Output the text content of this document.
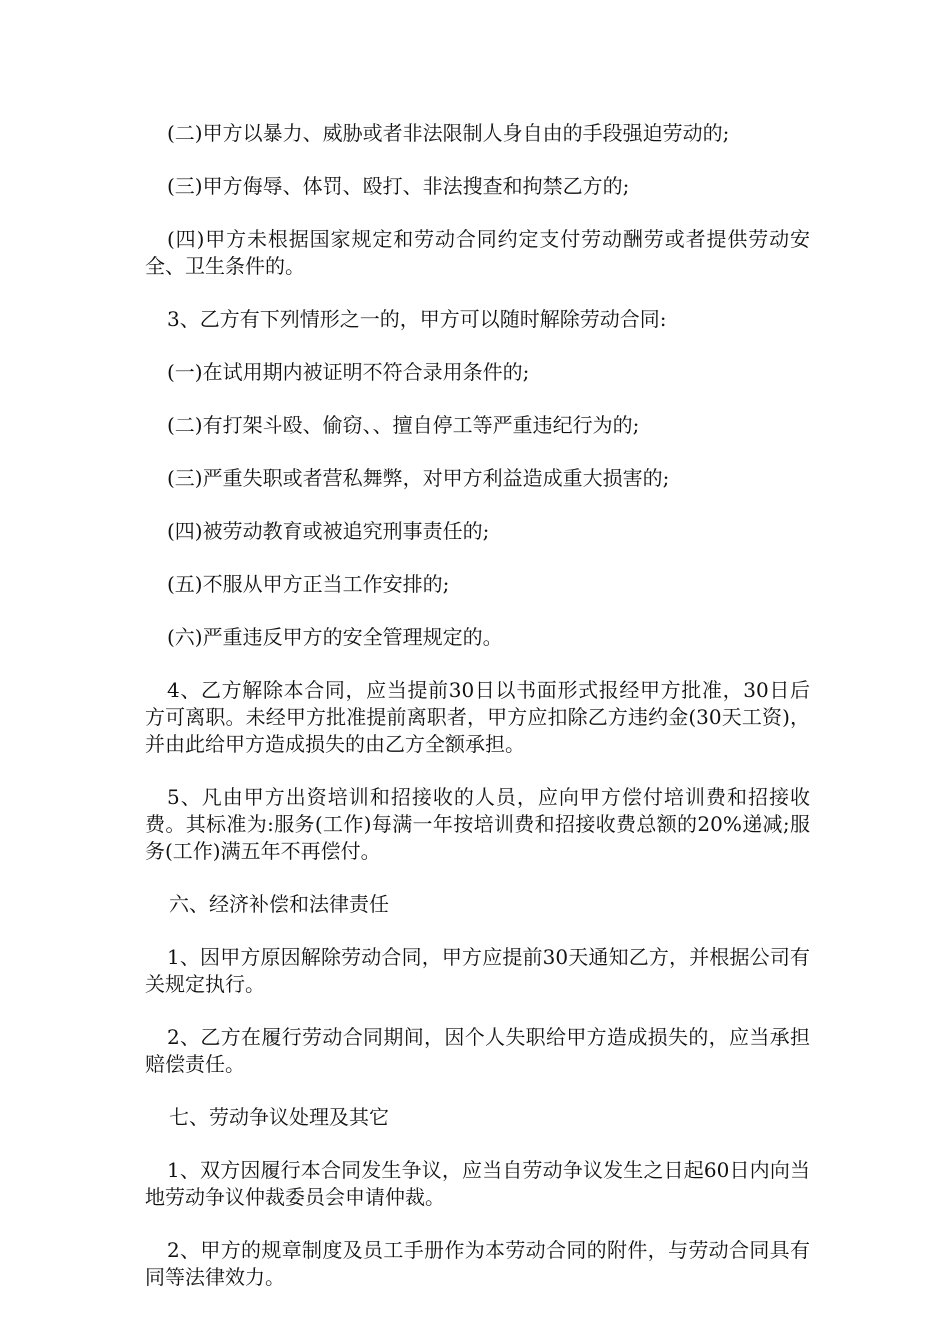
(二)甲方以暴力、威胁或者非法限制人身自由的手段强迫劳动的;

(三)甲方侮辱、体罚、殴打、非法搜查和拘禁乙方的;

(四)甲方未根据国家规定和劳动合同约定支付劳动酬劳或者提供劳动安全、卫生条件的。

3、乙方有下列情形之一的，甲方可以随时解除劳动合同:

(一)在试用期内被证明不符合录用条件的;

(二)有打架斗殴、偷窃、、擅自停工等严重违纪行为的;

(三)严重失职或者营私舞弊，对甲方利益造成重大损害的;

(四)被劳动教育或被追究刑事责任的;

(五)不服从甲方正当工作安排的;

(六)严重违反甲方的安全管理规定的。

4、乙方解除本合同，应当提前30日以书面形式报经甲方批准，30日后方可离职。未经甲方批准提前离职者，甲方应扣除乙方违约金(30天工资)，并由此给甲方造成损失的由乙方全额承担。

5、凡由甲方出资培训和招接收的人员，应向甲方偿付培训费和招接收费。其标准为:服务(工作)每满一年按培训费和招接收费总额的20%递减;服务(工作)满五年不再偿付。

六、经济补偿和法律责任

1、因甲方原因解除劳动合同，甲方应提前30天通知乙方，并根据公司有关规定执行。

2、乙方在履行劳动合同期间，因个人失职给甲方造成损失的，应当承担赔偿责任。

七、劳动争议处理及其它

1、双方因履行本合同发生争议，应当自劳动争议发生之日起60日内向当地劳动争议仲裁委员会申请仲裁。

2、甲方的规章制度及员工手册作为本劳动合同的附件，与劳动合同具有同等法律效力。
